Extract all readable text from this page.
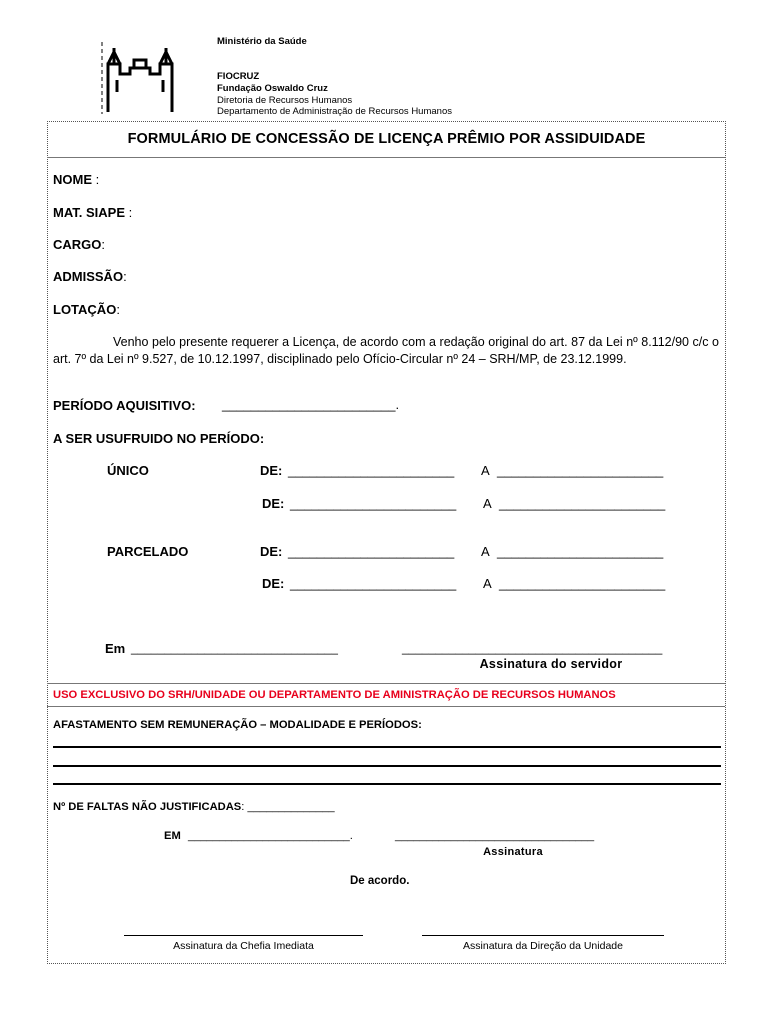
Ministério da Saúde
FIOCRUZ
Fundação Oswaldo Cruz
Diretoria de Recursos Humanos
Departamento de Administração de Recursos Humanos
FORMULÁRIO DE CONCESSÃO DE LICENÇA PRÊMIO POR ASSIDUIDADE
NOME :
MAT. SIAPE :
CARGO:
ADMISSÃO:
LOTAÇÃO:
Venho pelo presente requerer a Licença, de acordo com a redação original do art. 87 da Lei nº 8.112/90 c/c o art. 7º da Lei nº 9.527, de 10.12.1997, disciplinado pelo Ofício-Circular nº 24 – SRH/MP, de 23.12.1999.
PERÍODO AQUISITIVO: ________________________.
A SER USUFRUIDO NO PERÍODO:
ÚNICO	DE: _______________________ A _______________________
DE: _______________________ A _______________________
PARCELADO	DE: _______________________ A _______________________
DE: _______________________ A _______________________
Em _______________________________	_______________________________________
Assinatura do servidor
USO EXCLUSIVO DO SRH/UNIDADE OU DEPARTAMENTO DE AMINISTRAÇÃO DE RECURSOS HUMANOS
AFASTAMENTO SEM REMUNERAÇÃO – MODALIDADE E PERÍODOS:
Nº DE FALTAS NÃO JUSTIFICADAS: ______________
EM __________________________.	________________________________
Assinatura
De acordo.
Assinatura da Chefia Imediata	Assinatura da Direção da Unidade
